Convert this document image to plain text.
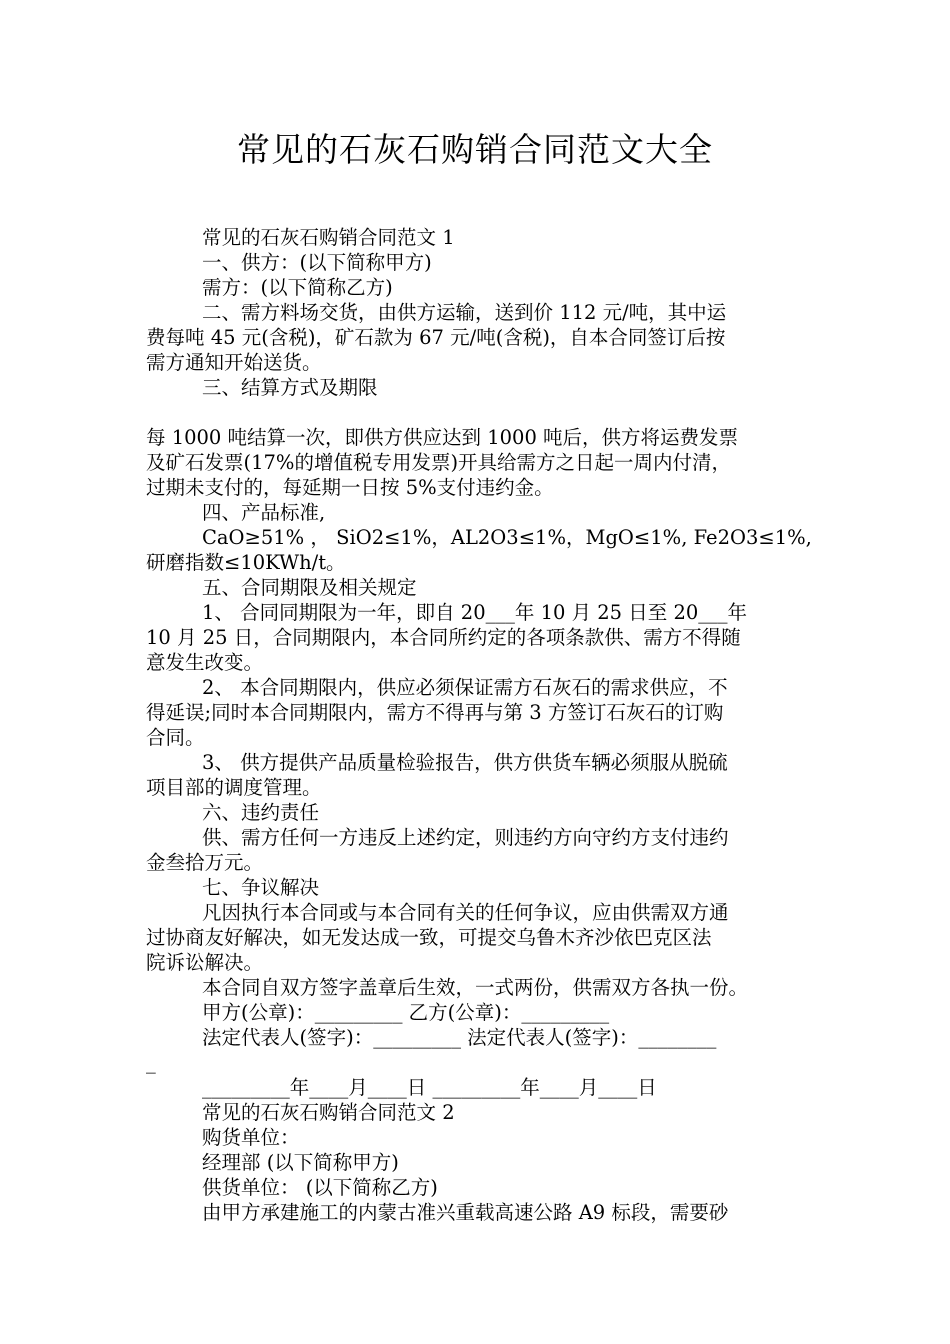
常见的石灰石购销合同范文大全
常见的石灰石购销合同范文 1
一、供方：(以下简称甲方)
需方：(以下简称乙方)
二、需方料场交货，由供方运输，送到价 112 元/吨，其中运
费每吨 45 元(含税)，矿石款为 67 元/吨(含税)，自本合同签订后按
需方通知开始送货。
三、结算方式及期限
每 1000 吨结算一次，即供方供应达到 1000 吨后，供方将运费发票
及矿石发票(17%的增值税专用发票)开具给需方之日起一周内付清，
过期未支付的，每延期一日按 5%支付违约金。
四、产品标准,
CaO≥51% ， SiO2≤1%，AL2O3≤1%，MgO≤1%, Fe2O3≤1%,
研磨指数≤10KWh/t。
五、合同期限及相关规定
1、 合同同期限为一年，即自 20___年 10 月 25 日至 20___年
10 月 25 日，合同期限内，本合同所约定的各项条款供、需方不得随
意发生改变。
2、 本合同期限内，供应必须保证需方石灰石的需求供应，不
得延误;同时本合同期限内，需方不得再与第 3 方签订石灰石的订购
合同。
3、 供方提供产品质量检验报告，供方供货车辆必须服从脱硫
项目部的调度管理。
六、违约责任
供、需方任何一方违反上述约定，则违约方向守约方支付违约
金叁拾万元。
七、争议解决
凡因执行本合同或与本合同有关的任何争议，应由供需双方通
过协商友好解决，如无发达成一致，可提交乌鲁木齐沙依巴克区法
院诉讼解决。
本合同自双方签字盖章后生效，一式两份，供需双方各执一份。
甲方(公章)：_________ 乙方(公章)：_________
法定代表人(签字)：_________ 法定代表人(签字)：________
_
_________年____月____日 _________年____月____日
常见的石灰石购销合同范文 2
购货单位：
经理部 (以下简称甲方)
供货单位： (以下简称乙方)
由甲方承建施工的内蒙古准兴重载高速公路 A9 标段，需要砂
